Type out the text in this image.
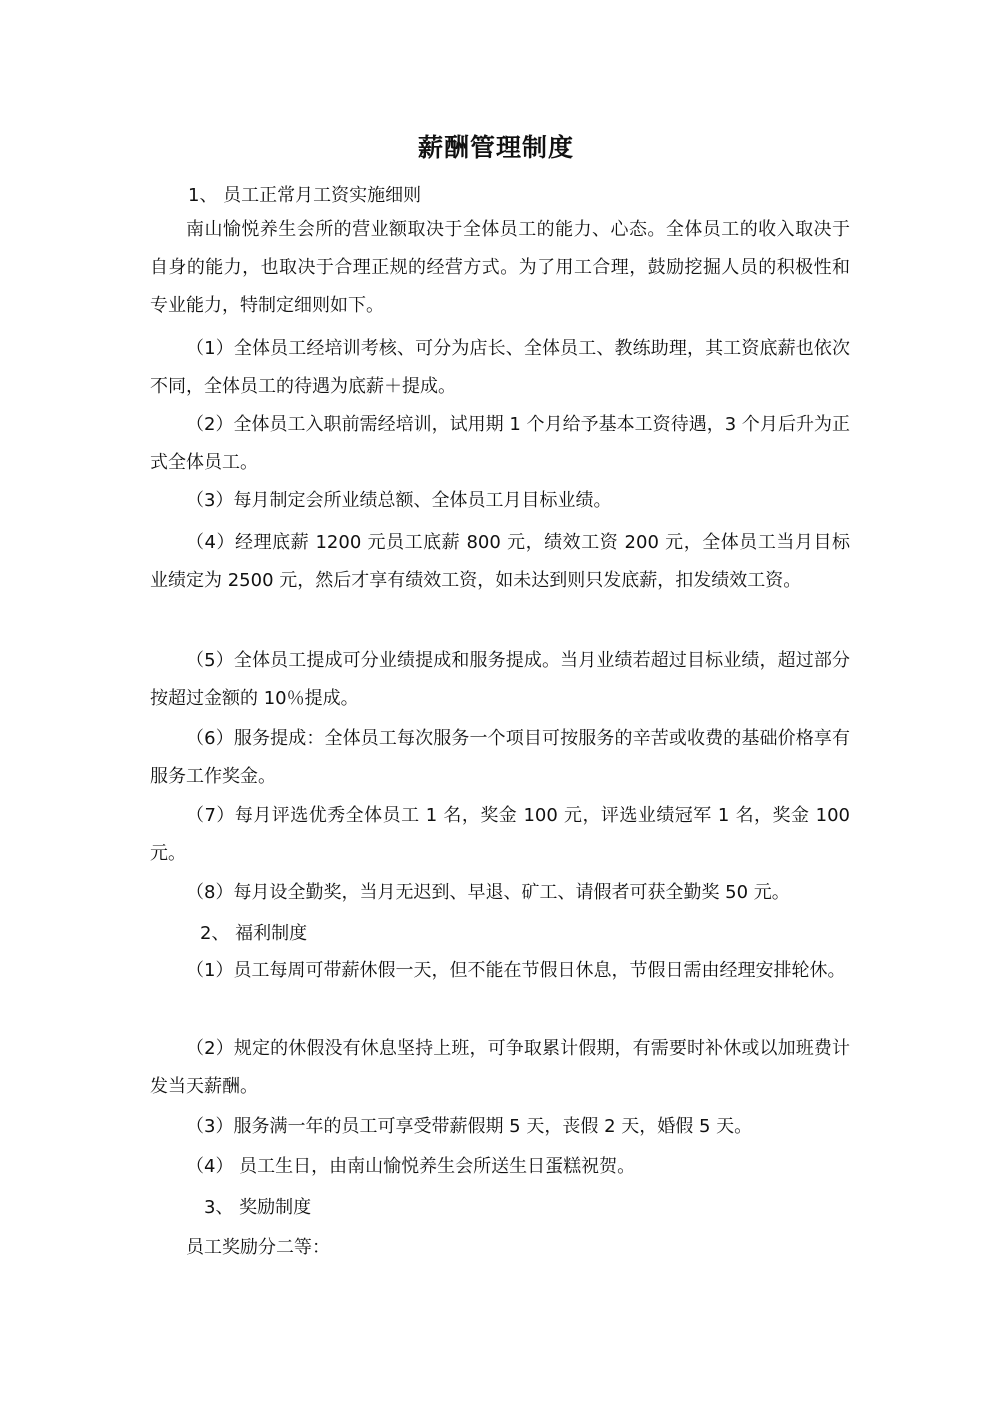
薪酬管理制度
1、 员工正常月工资实施细则
南山愉悦养生会所的营业额取决于全体员工的能力、心态。全体员工的收入取决于自身的能力，也取决于合理正规的经营方式。为了用工合理，鼓励挖掘人员的积极性和专业能力，特制定细则如下。
（1）全体员工经培训考核、可分为店长、全体员工、教练助理，其工资底薪也依次不同，全体员工的待遇为底薪＋提成。
（2）全体员工入职前需经培训，试用期 1 个月给予基本工资待遇，3 个月后升为正式全体员工。
（3）每月制定会所业绩总额、全体员工月目标业绩。
（4）经理底薪 1200 元员工底薪 800 元，绩效工资 200 元，全体员工当月目标业绩定为 2500 元，然后才享有绩效工资，如未达到则只发底薪，扣发绩效工资。
（5）全体员工提成可分业绩提成和服务提成。当月业绩若超过目标业绩，超过部分按超过金额的 10％提成。
（6）服务提成：全体员工每次服务一个项目可按服务的辛苦或收费的基础价格享有服务工作奖金。
（7）每月评选优秀全体员工 1 名，奖金 100 元，评选业绩冠军 1 名，奖金 100 元。
（8）每月设全勤奖，当月无迟到、早退、矿工、请假者可获全勤奖 50 元。
2、 福利制度
（1）员工每周可带薪休假一天，但不能在节假日休息，节假日需由经理安排轮休。
（2）规定的休假没有休息坚持上班，可争取累计假期，有需要时补休或以加班费计发当天薪酬。
（3）服务满一年的员工可享受带薪假期 5 天，丧假 2 天，婚假 5 天。
（4） 员工生日，由南山愉悦养生会所送生日蛋糕祝贺。
3、 奖励制度
员工奖励分二等：
